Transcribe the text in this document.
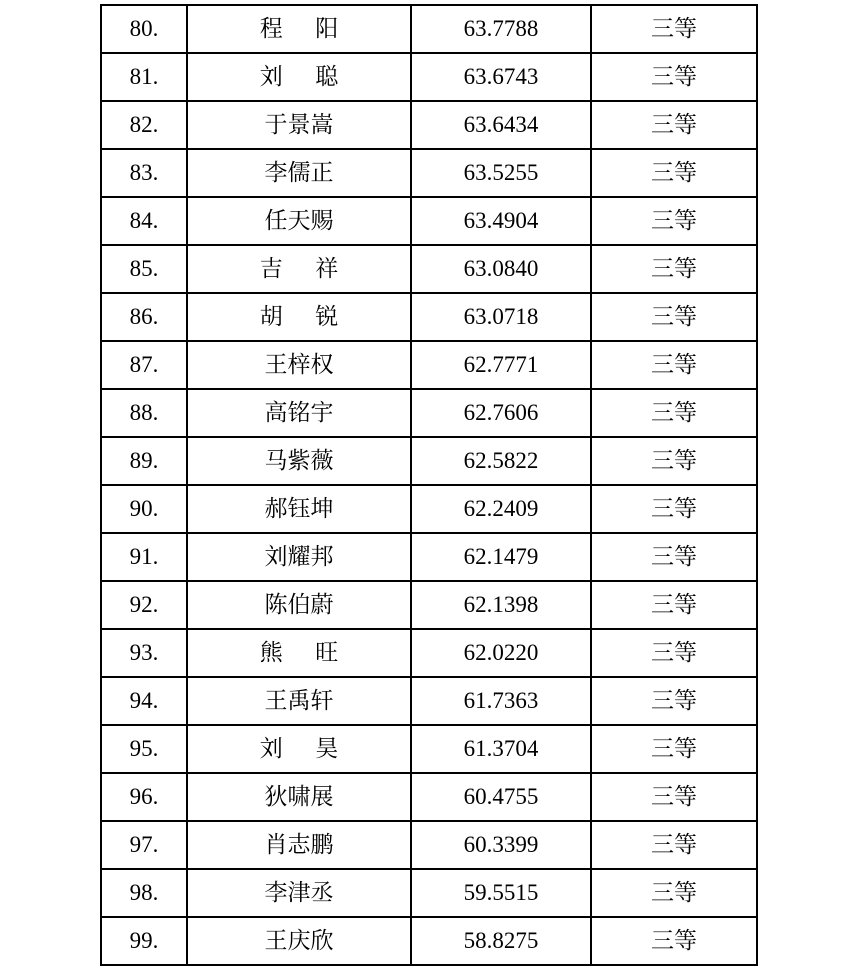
80.	程 阳	63.7788	三等
81.	刘 聪	63.6743	三等
82.	于景嵩	63.6434	三等
83.	李儒正	63.5255	三等
84.	任天赐	63.4904	三等
85.	吉 祥	63.0840	三等
86.	胡 锐	63.0718	三等
87.	王梓权	62.7771	三等
88.	高铭宇	62.7606	三等
89.	马紫薇	62.5822	三等
90.	郝钰坤	62.2409	三等
91.	刘耀邦	62.1479	三等
92.	陈伯蔚	62.1398	三等
93.	熊 旺	62.0220	三等
94.	王禹轩	61.7363	三等
95.	刘 昊	61.3704	三等
96.	狄啸展	60.4755	三等
97.	肖志鹏	60.3399	三等
98.	李津丞	59.5515	三等
99.	王庆欣	58.8275	三等
